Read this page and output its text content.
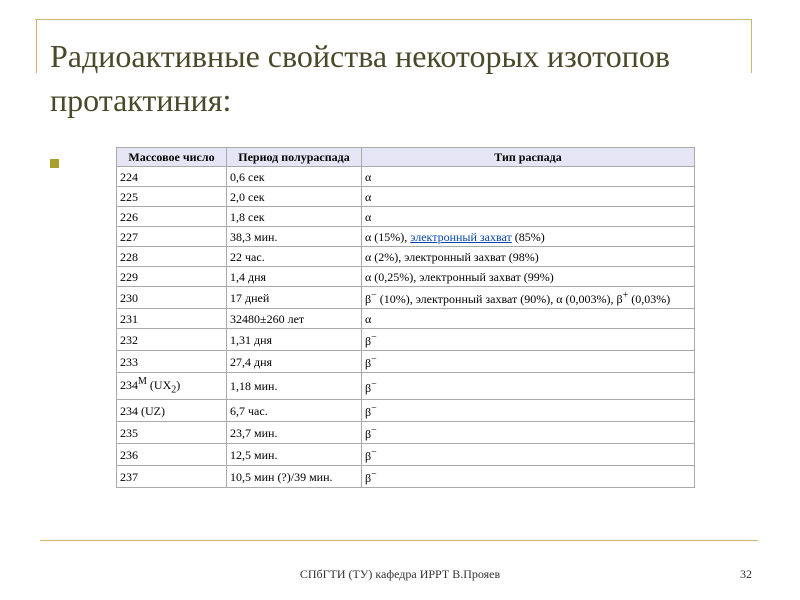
Радиоактивные свойства некоторых изотопов протактиния:
Массовое число	Период полураспада	Тип распада
224	0,6 сек	α
225	2,0 сек	α
226	1,8 сек	α
227	38,3 мин.	α (15%), электронный захват (85%)
228	22 час.	α (2%), электронный захват (98%)
229	1,4 дня	α (0,25%), электронный захват (99%)
230	17 дней	β− (10%), электронный захват (90%), α (0,003%), β+ (0,03%)
231	32480±260 лет	α
232	1,31 дня	β−
233	27,4 дня	β−
$234^M$ $(UX_2)$	1,18 мин.	β−
234 (UZ)	6,7 час.	β−
235	23,7 мин.	β−
236	12,5 мин.	β−
237	10,5 мин (?)/39 мин.	β−
СПбГТИ (ТУ) кафедра ИРРТ В.Прояев	32
